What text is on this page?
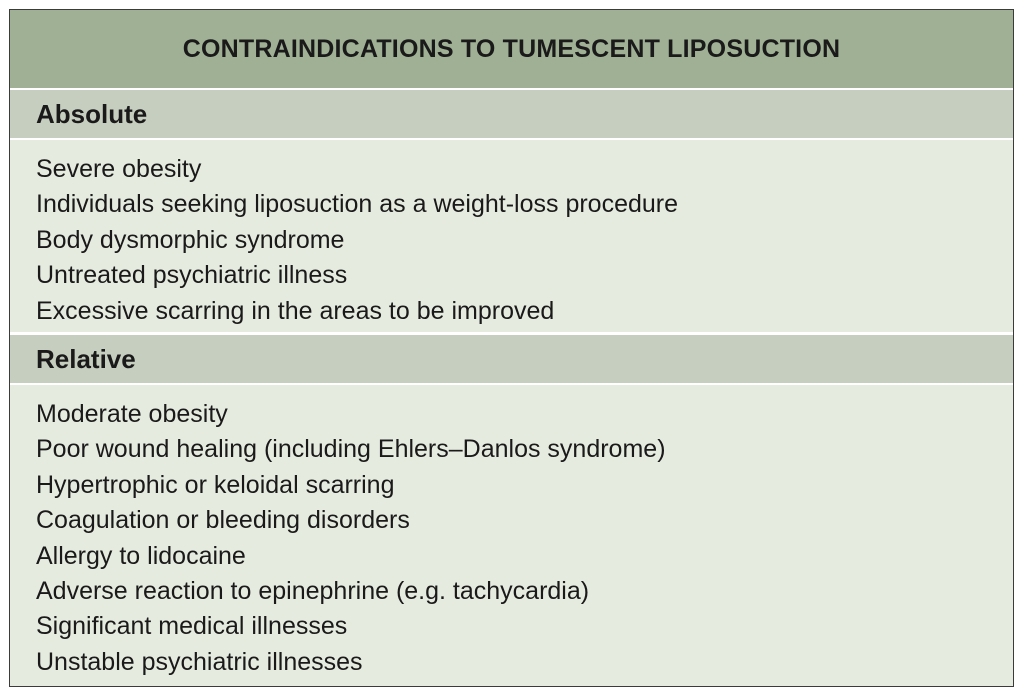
CONTRAINDICATIONS TO TUMESCENT LIPOSUCTION
Absolute
Severe obesity
Individuals seeking liposuction as a weight-loss procedure
Body dysmorphic syndrome
Untreated psychiatric illness
Excessive scarring in the areas to be improved
Relative
Moderate obesity
Poor wound healing (including Ehlers–Danlos syndrome)
Hypertrophic or keloidal scarring
Coagulation or bleeding disorders
Allergy to lidocaine
Adverse reaction to epinephrine (e.g. tachycardia)
Significant medical illnesses
Unstable psychiatric illnesses
